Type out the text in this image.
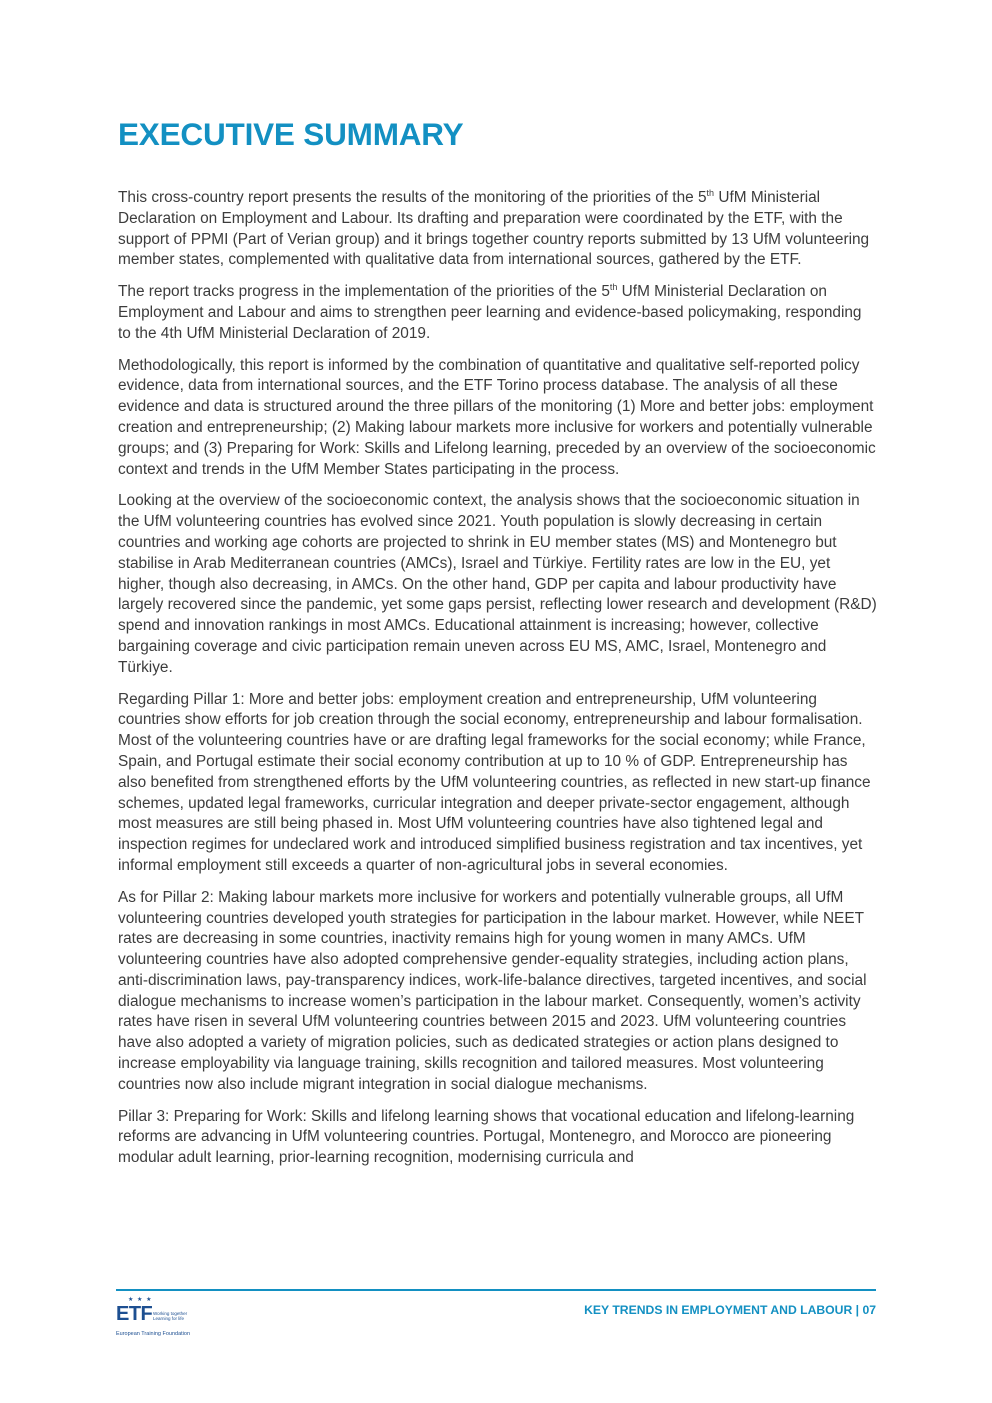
EXECUTIVE SUMMARY

This cross-country report presents the results of the monitoring of the priorities of the 5th UfM Ministerial Declaration on Employment and Labour. Its drafting and preparation were coordinated by the ETF, with the support of PPMI (Part of Verian group) and it brings together country reports submitted by 13 UfM volunteering member states, complemented with qualitative data from international sources, gathered by the ETF.

The report tracks progress in the implementation of the priorities of the 5th UfM Ministerial Declaration on Employment and Labour and aims to strengthen peer learning and evidence-based policymaking, responding to the 4th UfM Ministerial Declaration of 2019.

Methodologically, this report is informed by the combination of quantitative and qualitative self-reported policy evidence, data from international sources, and the ETF Torino process database. The analysis of all these evidence and data is structured around the three pillars of the monitoring (1) More and better jobs: employment creation and entrepreneurship; (2) Making labour markets more inclusive for workers and potentially vulnerable groups; and (3) Preparing for Work: Skills and Lifelong learning, preceded by an overview of the socioeconomic context and trends in the UfM Member States participating in the process.

Looking at the overview of the socioeconomic context, the analysis shows that the socioeconomic situation in the UfM volunteering countries has evolved since 2021. Youth population is slowly decreasing in certain countries and working age cohorts are projected to shrink in EU member states (MS) and Montenegro but stabilise in Arab Mediterranean countries (AMCs), Israel and Türkiye. Fertility rates are low in the EU, yet higher, though also decreasing, in AMCs. On the other hand, GDP per capita and labour productivity have largely recovered since the pandemic, yet some gaps persist, reflecting lower research and development (R&D) spend and innovation rankings in most AMCs. Educational attainment is increasing; however, collective bargaining coverage and civic participation remain uneven across EU MS, AMC, Israel, Montenegro and Türkiye.

Regarding Pillar 1: More and better jobs: employment creation and entrepreneurship, UfM volunteering countries show efforts for job creation through the social economy, entrepreneurship and labour formalisation. Most of the volunteering countries have or are drafting legal frameworks for the social economy; while France, Spain, and Portugal estimate their social economy contribution at up to 10 % of GDP. Entrepreneurship has also benefited from strengthened efforts by the UfM volunteering countries, as reflected in new start-up finance schemes, updated legal frameworks, curricular integration and deeper private-sector engagement, although most measures are still being phased in. Most UfM volunteering countries have also tightened legal and inspection regimes for undeclared work and introduced simplified business registration and tax incentives, yet informal employment still exceeds a quarter of non-agricultural jobs in several economies.

As for Pillar 2: Making labour markets more inclusive for workers and potentially vulnerable groups, all UfM volunteering countries developed youth strategies for participation in the labour market. However, while NEET rates are decreasing in some countries, inactivity remains high for young women in many AMCs. UfM volunteering countries have also adopted comprehensive gender-equality strategies, including action plans, anti-discrimination laws, pay-transparency indices, work-life-balance directives, targeted incentives, and social dialogue mechanisms to increase women’s participation in the labour market. Consequently, women’s activity rates have risen in several UfM volunteering countries between 2015 and 2023. UfM volunteering countries have also adopted a variety of migration policies, such as dedicated strategies or action plans designed to increase employability via language training, skills recognition and tailored measures. Most volunteering countries now also include migrant integration in social dialogue mechanisms.

Pillar 3: Preparing for Work: Skills and lifelong learning shows that vocational education and lifelong-learning reforms are advancing in UfM volunteering countries. Portugal, Montenegro, and Morocco are pioneering modular adult learning, prior-learning recognition, modernising curricula and

★ ★ ★
ETF Working together Learning for life
European Training Foundation
KEY TRENDS IN EMPLOYMENT AND LABOUR | 07
